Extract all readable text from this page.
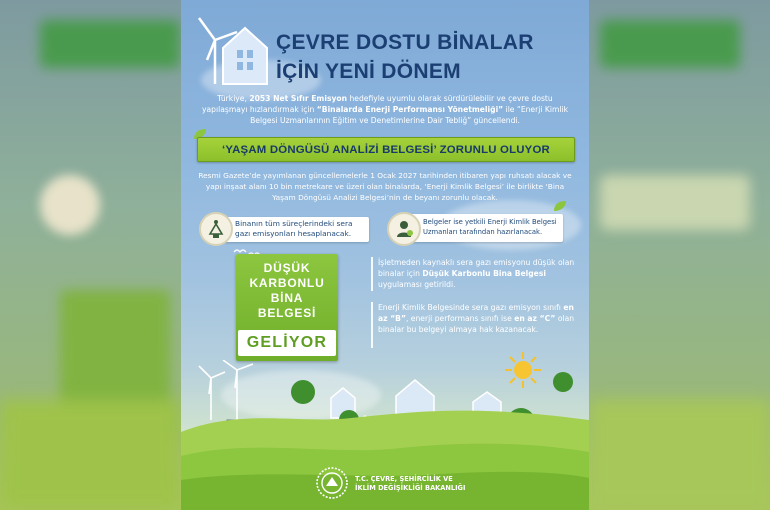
ÇEVRE DOSTU BİNALAR
İÇİN YENİ DÖNEM

Türkiye, 2053 Net Sıfır Emisyon hedefiyle uyumlu olarak sürdürülebilir ve çevre dostu yapılaşmayı hızlandırmak için “Binalarda Enerji Performansı Yönetmeliği” ile “Enerji Kimlik Belgesi Uzmanlarının Eğitim ve Denetimlerine Dair Tebliğ” güncellendi.

‘YAŞAM DÖNGÜSÜ ANALİZİ BELGESİ’ ZORUNLU OLUYOR

Resmi Gazete’de yayımlanan güncellemelerle 1 Ocak 2027 tarihinden itibaren yapı ruhsatı alacak ve yapı inşaat alanı 10 bin metrekare ve üzeri olan binalarda, ‘Enerji Kimlik Belgesi’ ile birlikte ‘Bina Yaşam Döngüsü Analizi Belgesi’nin de beyanı zorunlu olacak.

Binanın tüm süreçlerindeki sera gazı emisyonları hesaplanacak.

Belgeler ise yetkili Enerji Kimlik Belgesi Uzmanları tarafından hazırlanacak.

DÜŞÜK

KARBONLU

BİNA

BELGESİ

GELİYOR

İşletmeden kaynaklı sera gazı emisyonu düşük olan binalar için Düşük Karbonlu Bina Belgesi uygulaması getirildi.

Enerji Kimlik Belgesinde sera gazı emisyon sınıfı en az “B”, enerji performans sınıfı ise en az “C” olan binalar bu belgeyi almaya hak kazanacak.

T.C. ÇEVRE, ŞEHİRCİLİK VE
İKLİM DEĞİŞİKLİĞİ BAKANLIĞI
